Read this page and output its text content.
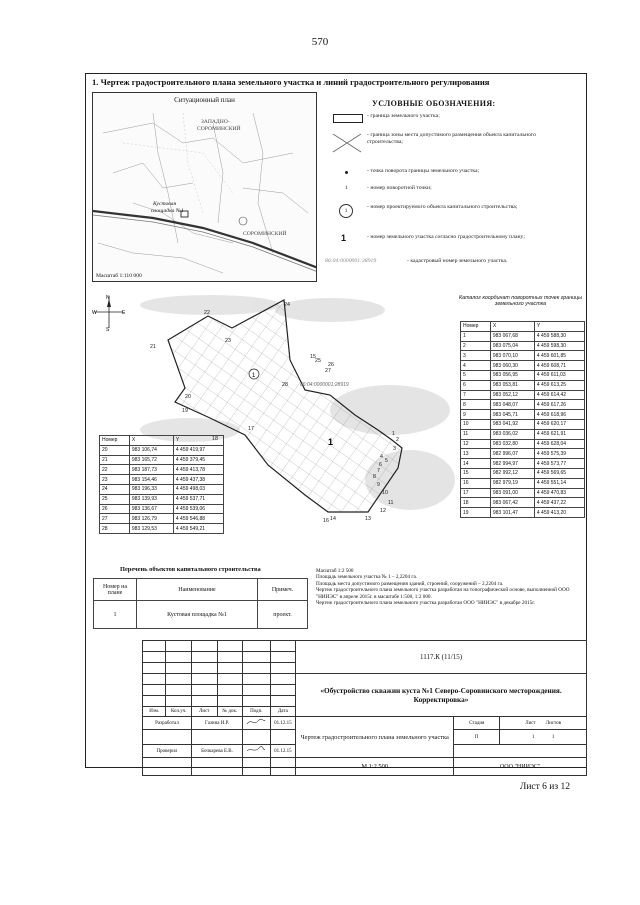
570
1. Чертеж градостроительного плана земельного участка и линий градостроительного регулирования
Ситуационный план
ЗАПАДНО-СОРОМИНСКИЙ
Кустовая площадка №1
СОРОМИНСКИЙ
Масштаб 1:110 000
УСЛОВНЫЕ ОБОЗНАЧЕНИЯ:
- граница земельного участка;
- граница зоны места допустимого размещения объекта капитального строительства;
- точка поворота границы земельного участка;
1	- номер поворотной точки;
1
- номер проектируемого объекта капитального строительства;
1	- номер земельного участка согласно градостроительному плану;
86:04:0000001:28919	- кадастровый номер земельного участка.
N
S
W	E
1
1
86:04:0000001:28919
1
2
3
4
5
6
7
8
9
10
11
12
13
14
15
16
17
18
19
20
21
22
23
24
25
26
27
28
Каталог координат поворотных точек границы земельного участка
Номер	X	Y
1	983 067,68	4 459 588,30
2	983 075,04	4 459 598,30
3	983 070,10	4 459 601,85
4	983 060,30	4 459 608,71
5	983 056,95	4 459 611,03
6	983 053,81	4 459 613,25
7	983 052,12	4 459 614,42
8	983 048,07	4 459 617,26
9	983 045,71	4 459 618,96
10	983 041,92	4 459 620,17
11	983 036,02	4 459 621,91
12	983 032,80	4 459 628,04
13	982 996,07	4 459 575,39
14	982 994,97	4 459 573,77
15	982 992,12	4 459 569,65
16	982 979,19	4 459 551,14
17	983 091,00	4 459 470,83
18	983 067,42	4 459 437,22
19	983 101,47	4 459 413,20
Номер	X	Y
20	983 106,74	4 459 419,97
21	983 165,72	4 459 379,45
22	983 187,73	4 459 413,78
23	983 154,46	4 459 437,38
24	983 196,33	4 459 498,03
25	983 139,93	4 459 537,71
26	983 136,67	4 459 539,06
27	983 126,79	4 459 546,88
28	983 129,53	4 459 549,21
Перечень объектов капитального строительства
Номер на плане	Наименование	Примеч.
1	Кустовая площадка №1	проект.
Масштаб 1:2 500
Площадь земельного участка № 1 – 2,2204 га.
Площадь места допустимого размещения зданий, строений, сооружений – 2,2204 га.
Чертеж градостроительного плана земельного участка разработан на топографической основе, выполненной ООО "НИИЭС" в апреле 2015г. в масштабе 1:500, 1:2 000.
Чертеж градостроительного плана земельного участка разработан ООО "НИИЭС" в декабре 2015г.
						1117.К (11/15)		

						«Обустройство скважин куста №1 Северо-Соровинского месторождения. Корректировка»		

Изм.	Кол.уч.	Лист	№ док.	Подп.	Дата			
Разработал		Газина И.Р.			01.12.15	Чертеж градостроительного плана земельного участка	Стадия	Лист Листов
							П	1 1
Проверил		Бочкарева Е.В.			01.12.15			
						М 1:2 500	ООО "НИИЭС"	
Лист 6 из 12
